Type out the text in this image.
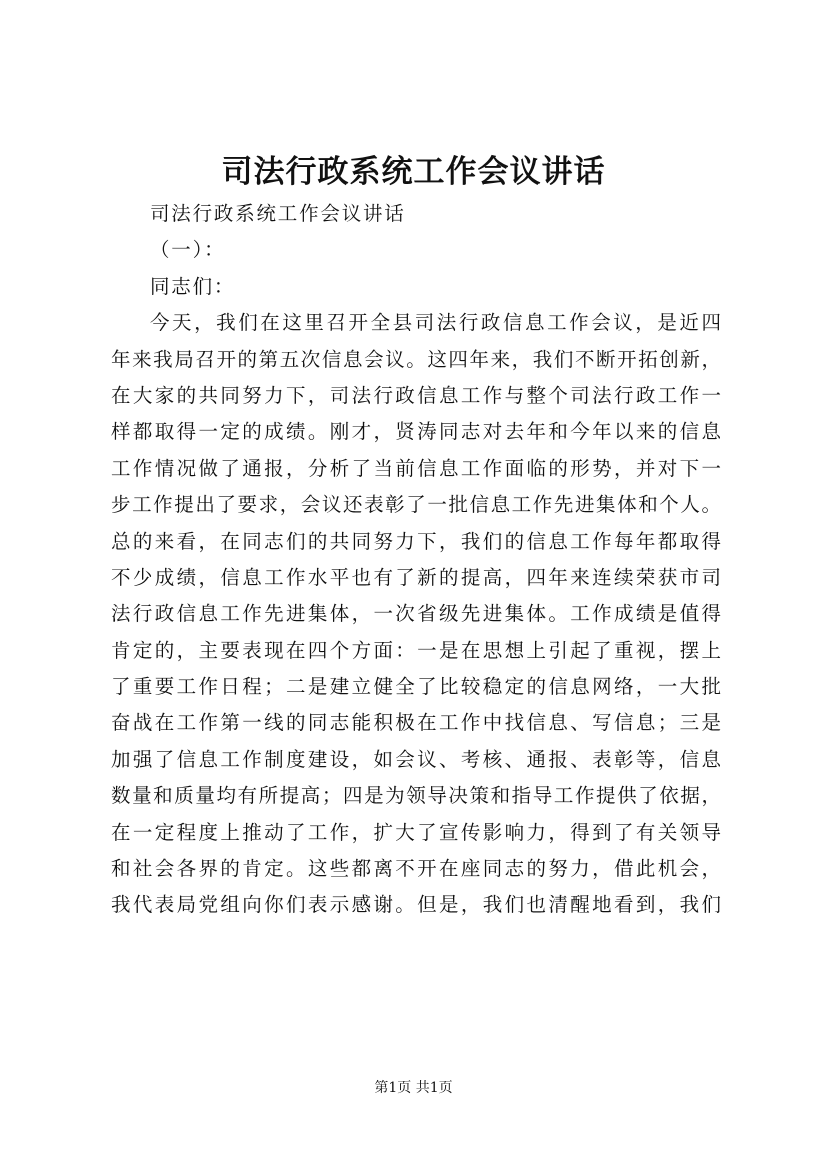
司法行政系统工作会议讲话
司法行政系统工作会议讲话
（一）：
同志们：
今天，我们在这里召开全县司法行政信息工作会议，是近四
年来我局召开的第五次信息会议。这四年来，我们不断开拓创新，
在大家的共同努力下，司法行政信息工作与整个司法行政工作一
样都取得一定的成绩。刚才，贤涛同志对去年和今年以来的信息
工作情况做了通报，分析了当前信息工作面临的形势，并对下一
步工作提出了要求，会议还表彰了一批信息工作先进集体和个人。
总的来看，在同志们的共同努力下，我们的信息工作每年都取得
不少成绩，信息工作水平也有了新的提高，四年来连续荣获市司
法行政信息工作先进集体，一次省级先进集体。工作成绩是值得
肯定的，主要表现在四个方面：一是在思想上引起了重视，摆上
了重要工作日程；二是建立健全了比较稳定的信息网络，一大批
奋战在工作第一线的同志能积极在工作中找信息、写信息；三是
加强了信息工作制度建设，如会议、考核、通报、表彰等，信息
数量和质量均有所提高；四是为领导决策和指导工作提供了依据，
在一定程度上推动了工作，扩大了宣传影响力，得到了有关领导
和社会各界的肯定。这些都离不开在座同志的努力，借此机会，
我代表局党组向你们表示感谢。但是，我们也清醒地看到，我们
第1页 共1页
